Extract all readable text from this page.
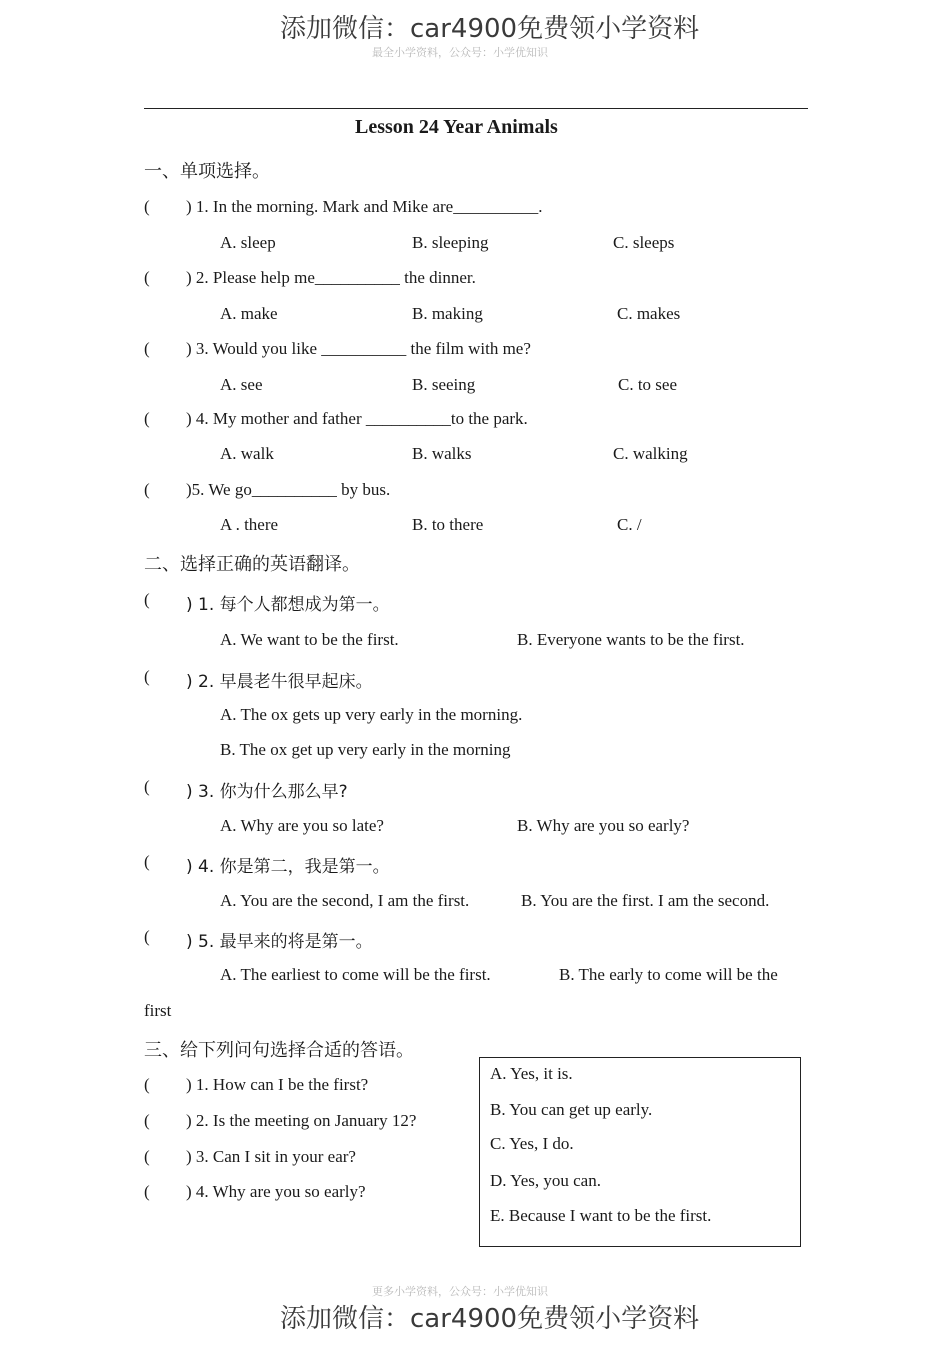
添加微信：car4900免费领小学资料
最全小学资料，公众号：小学优知识
Lesson 24 Year Animals
一、单项选择。
( ) 1. In the morning. Mark and Mike are__________.
A. sleep	B. sleeping	C. sleeps
( ) 2. Please help me__________ the dinner.
A. make	B. making	C. makes
( ) 3. Would you like __________ the film with me?
A. see	B. seeing	C. to see
( ) 4. My mother and father __________to the park.
A. walk	B. walks	C. walking
( )5. We go__________ by bus.
A . there	B. to there	C. /
二、选择正确的英语翻译。
( ) 1. 每个人都想成为第一。
A. We want to be the first.	B. Everyone wants to be the first.
( ) 2. 早晨老牛很早起床。
A. The ox gets up very early in the morning.
B. The ox get up very early in the morning
( ) 3. 你为什么那么早?
A. Why are you so late?	B. Why are you so early?
( ) 4. 你是第二，我是第一。
A. You are the second, I am the first.	B. You are the first. I am the second.
( ) 5. 最早来的将是第一。
A. The earliest to come will be the first.	B. The early to come will be the
first
三、给下列问句选择合适的答语。
( ) 1. How can I be the first?
( ) 2. Is the meeting on January 12?
( ) 3. Can I sit in your ear?
( ) 4. Why are you so early?
A. Yes, it is.
B. You can get up early.
C. Yes, I do.
D. Yes, you can.
E. Because I want to be the first.
更多小学资料，公众号：小学优知识
添加微信：car4900免费领小学资料
